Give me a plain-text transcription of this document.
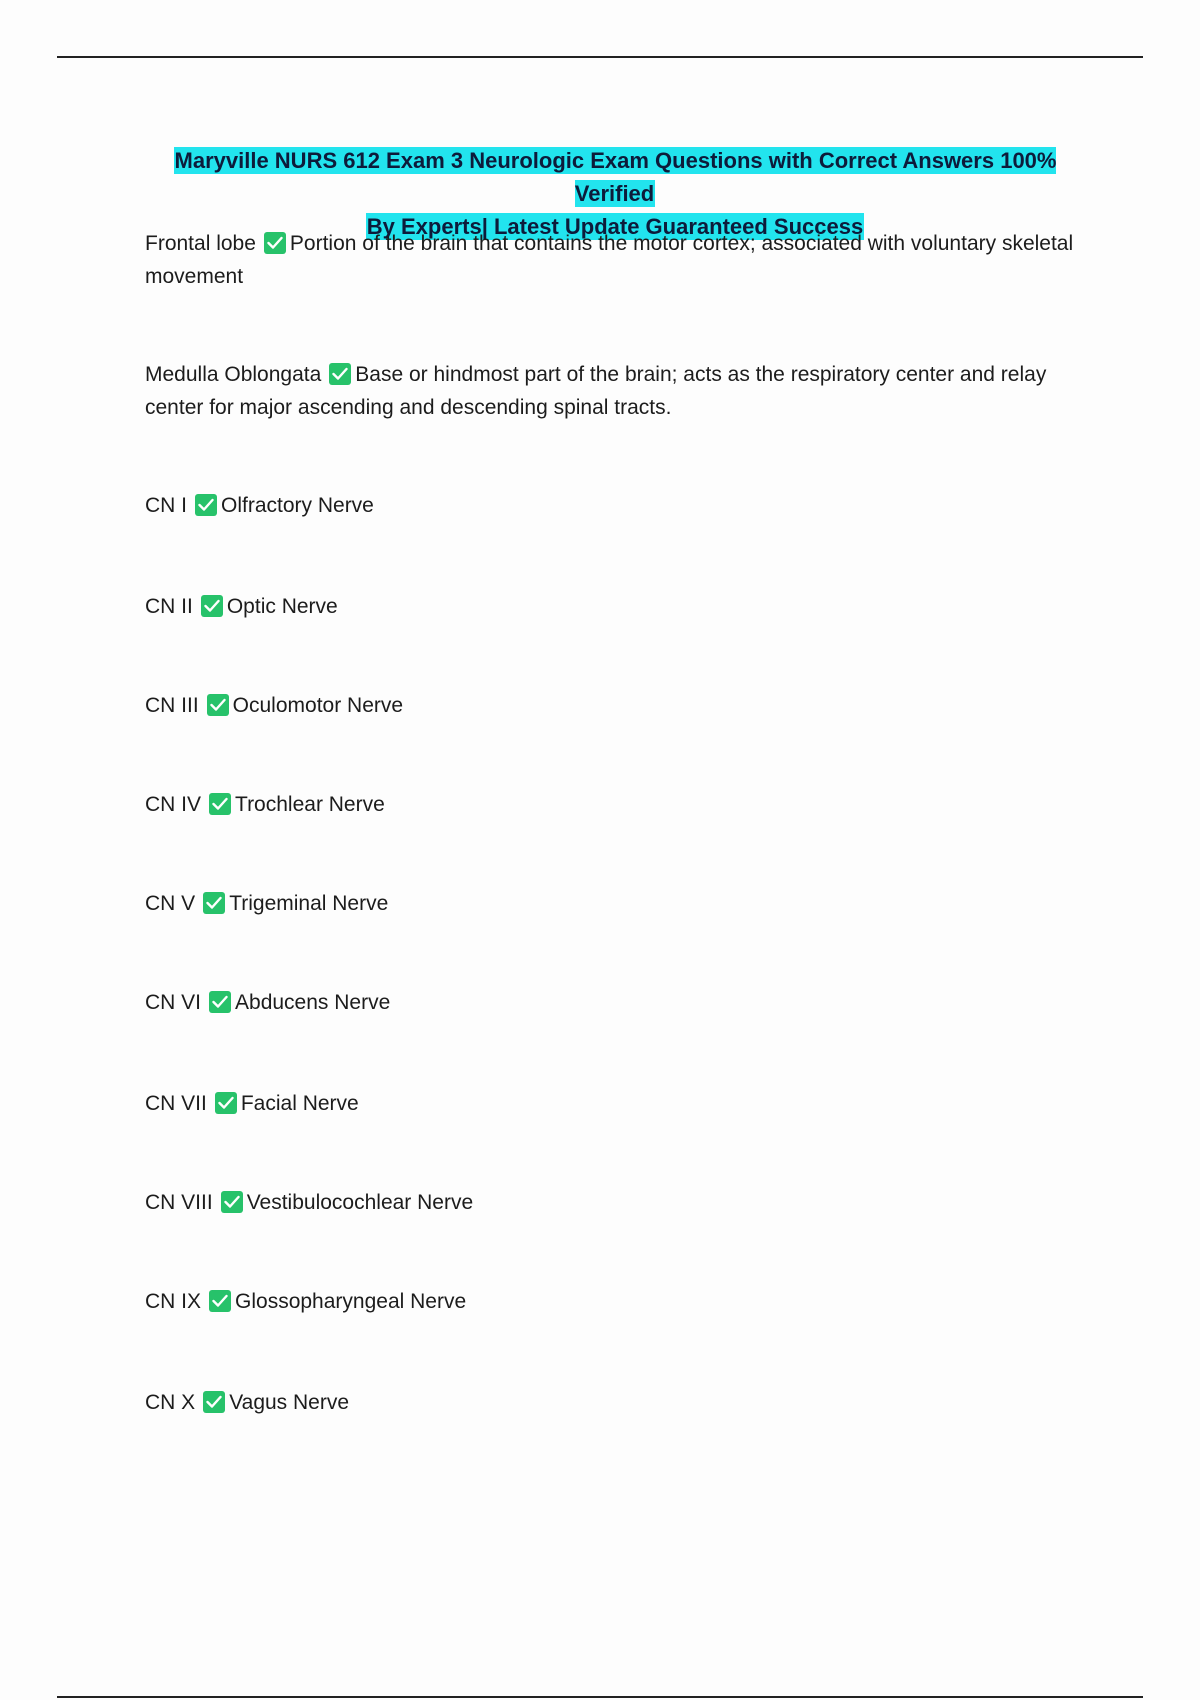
Maryville NURS 612 Exam 3 Neurologic Exam Questions with Correct Answers 100% Verified
By Experts| Latest Update Guaranteed Success
Frontal lobe Portion of the brain that contains the motor cortex; associated with voluntary skeletal movement
Medulla Oblongata Base or hindmost part of the brain; acts as the respiratory center and relay center for major ascending and descending spinal tracts.
CN I Olfractory Nerve
CN II Optic Nerve
CN III Oculomotor Nerve
CN IV Trochlear Nerve
CN V Trigeminal Nerve
CN VI Abducens Nerve
CN VII Facial Nerve
CN VIII Vestibulocochlear Nerve
CN IX Glossopharyngeal Nerve
CN X Vagus Nerve
